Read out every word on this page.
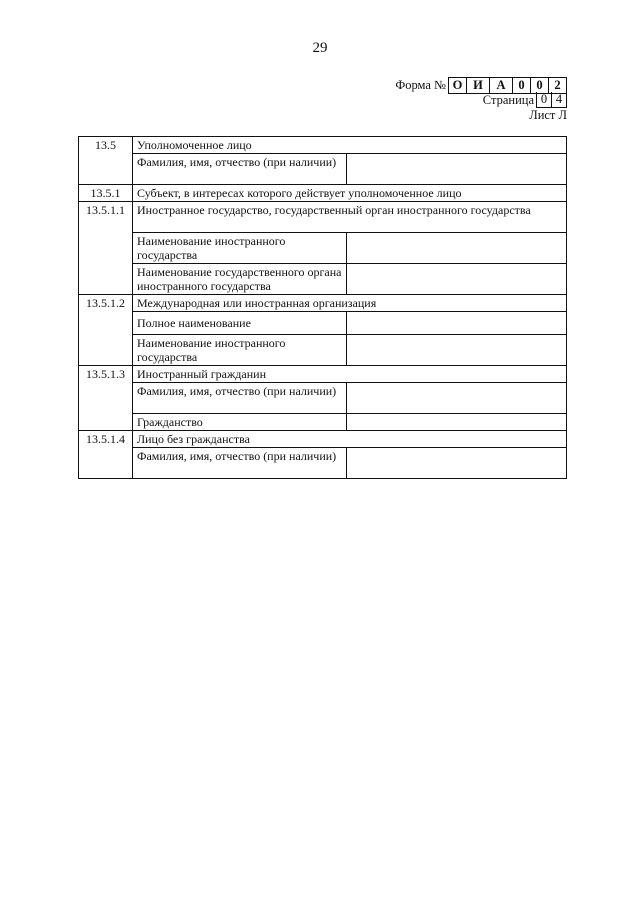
29
Форма № О И	А	0 0 2
Страница 0 4
Лист Л
13.5	Уполномоченное лицо	
	Фамилия, имя, отчество (при наличии)	
13.5.1	Субъект, в интересах которого действует уполномоченное лицо	
13.5.1.1	Иностранное государство, государственный орган иностранного государства	
	Наименование иностранного государства	
	Наименование государственного органа иностранного государства	
13.5.1.2	Международная или иностранная организация	
	Полное наименование	
	Наименование иностранного государства	
13.5.1.3	Иностранный гражданин	
	Фамилия, имя, отчество (при наличии)	
	Гражданство	
13.5.1.4	Лицо без гражданства	
	Фамилия, имя, отчество (при наличии)	
